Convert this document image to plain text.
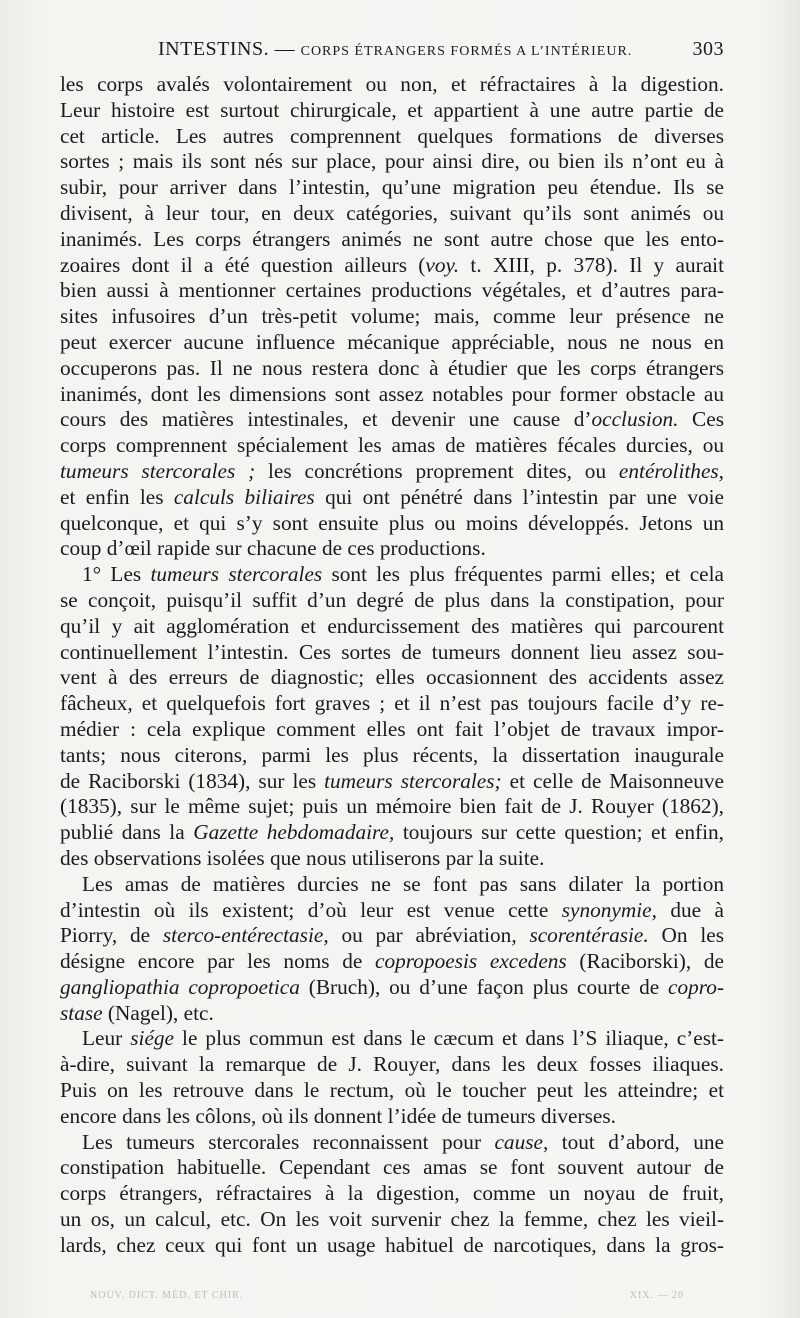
INTESTINS. — CORPS ÉTRANGERS FORMÉS A L’INTÉRIEUR.	303
les corps avalés volontairement ou non, et réfractaires à la digestion.
Leur histoire est surtout chirurgicale, et appartient à une autre partie de
cet article. Les autres comprennent quelques formations de diverses
sortes ; mais ils sont nés sur place, pour ainsi dire, ou bien ils n’ont eu à
subir, pour arriver dans l’intestin, qu’une migration peu étendue. Ils se
divisent, à leur tour, en deux catégories, suivant qu’ils sont animés ou
inanimés. Les corps étrangers animés ne sont autre chose que les ento-
zoaires dont il a été question ailleurs (voy. t. XIII, p. 378). Il y aurait
bien aussi à mentionner certaines productions végétales, et d’autres para-
sites infusoires d’un très-petit volume; mais, comme leur présence ne
peut exercer aucune influence mécanique appréciable, nous ne nous en
occuperons pas. Il ne nous restera donc à étudier que les corps étrangers
inanimés, dont les dimensions sont assez notables pour former obstacle au
cours des matières intestinales, et devenir une cause d’occlusion. Ces
corps comprennent spécialement les amas de matières fécales durcies, ou
tumeurs stercorales ; les concrétions proprement dites, ou entérolithes,
et enfin les calculs biliaires qui ont pénétré dans l’intestin par une voie
quelconque, et qui s’y sont ensuite plus ou moins développés. Jetons un
coup d’œil rapide sur chacune de ces productions.
1° Les tumeurs stercorales sont les plus fréquentes parmi elles; et cela
se conçoit, puisqu’il suffit d’un degré de plus dans la constipation, pour
qu’il y ait agglomération et endurcissement des matières qui parcourent
continuellement l’intestin. Ces sortes de tumeurs donnent lieu assez sou-
vent à des erreurs de diagnostic; elles occasionnent des accidents assez
fâcheux, et quelquefois fort graves ; et il n’est pas toujours facile d’y re-
médier : cela explique comment elles ont fait l’objet de travaux impor-
tants; nous citerons, parmi les plus récents, la dissertation inaugurale
de Raciborski (1834), sur les tumeurs stercorales; et celle de Maisonneuve
(1835), sur le même sujet; puis un mémoire bien fait de J. Rouyer (1862),
publié dans la Gazette hebdomadaire, toujours sur cette question; et enfin,
des observations isolées que nous utiliserons par la suite.
Les amas de matières durcies ne se font pas sans dilater la portion
d’intestin où ils existent; d’où leur est venue cette synonymie, due à
Piorry, de sterco-entérectasie, ou par abréviation, scorentérasie. On les
désigne encore par les noms de copropoesis excedens (Raciborski), de
gangliopathia copropoetica (Bruch), ou d’une façon plus courte de copro-
stase (Nagel), etc.
Leur siége le plus commun est dans le cæcum et dans l’S iliaque, c’est-
à-dire, suivant la remarque de J. Rouyer, dans les deux fosses iliaques.
Puis on les retrouve dans le rectum, où le toucher peut les atteindre; et
encore dans les côlons, où ils donnent l’idée de tumeurs diverses.
Les tumeurs stercorales reconnaissent pour cause, tout d’abord, une
constipation habituelle. Cependant ces amas se font souvent autour de
corps étrangers, réfractaires à la digestion, comme un noyau de fruit,
un os, un calcul, etc. On les voit survenir chez la femme, chez les vieil-
lards, chez ceux qui font un usage habituel de narcotiques, dans la gros-
NOUV. DICT. MÉD. ET CHIR.	XIX. — 20
